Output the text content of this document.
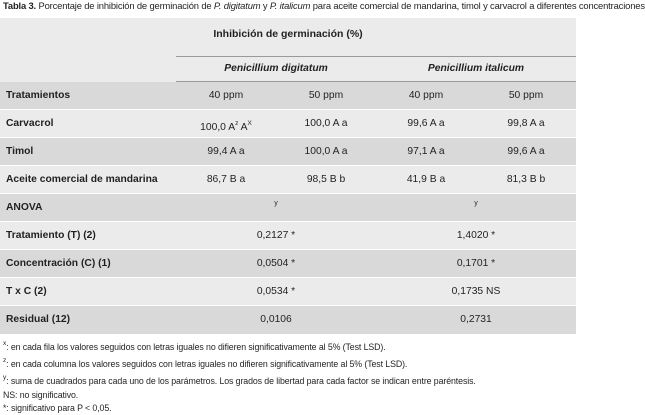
Tabla 3. Porcentaje de inhibición de germinación de P. digitatum y P. italicum para aceite comercial de mandarina, timol y carvacrol a diferentes concentraciones
Inhibición de germinación (%)
Penicillium digitatum	Penicillium italicum
Tratamientos	40 ppm	50 ppm	40 ppm	50 ppm
Carvacrol	100,0 $A^z$ $A^X$	100,0 A a	99,6 A a	99,8 A a
Timol	99,4 A a	100,0 A a	97,1 A a	99,6 A a
Aceite comercial de mandarina	86,7 B a	98,5 B b	41,9 B a	81,3 B b
ANOVA	y	y
Tratamiento (T) (2)	0,2127 *	1,4020 *
Concentración (C) (1)	0,0504 *	0,1701 *
T x C (2)	0,0534 *	0,1735 NS
Residual (12)	0,0106	0,2731
$^x$: en cada fila los valores seguidos con letras iguales no difieren significativamente al 5% (Test LSD).
$^z$: en cada columna los valores seguidos con letras iguales no difieren significativamente al 5% (Test LSD).
$^y$: suma de cuadrados para cada uno de los parámetros. Los grados de libertad para cada factor se indican entre paréntesis.
NS: no significativo.
*: significativo para P < 0,05.
